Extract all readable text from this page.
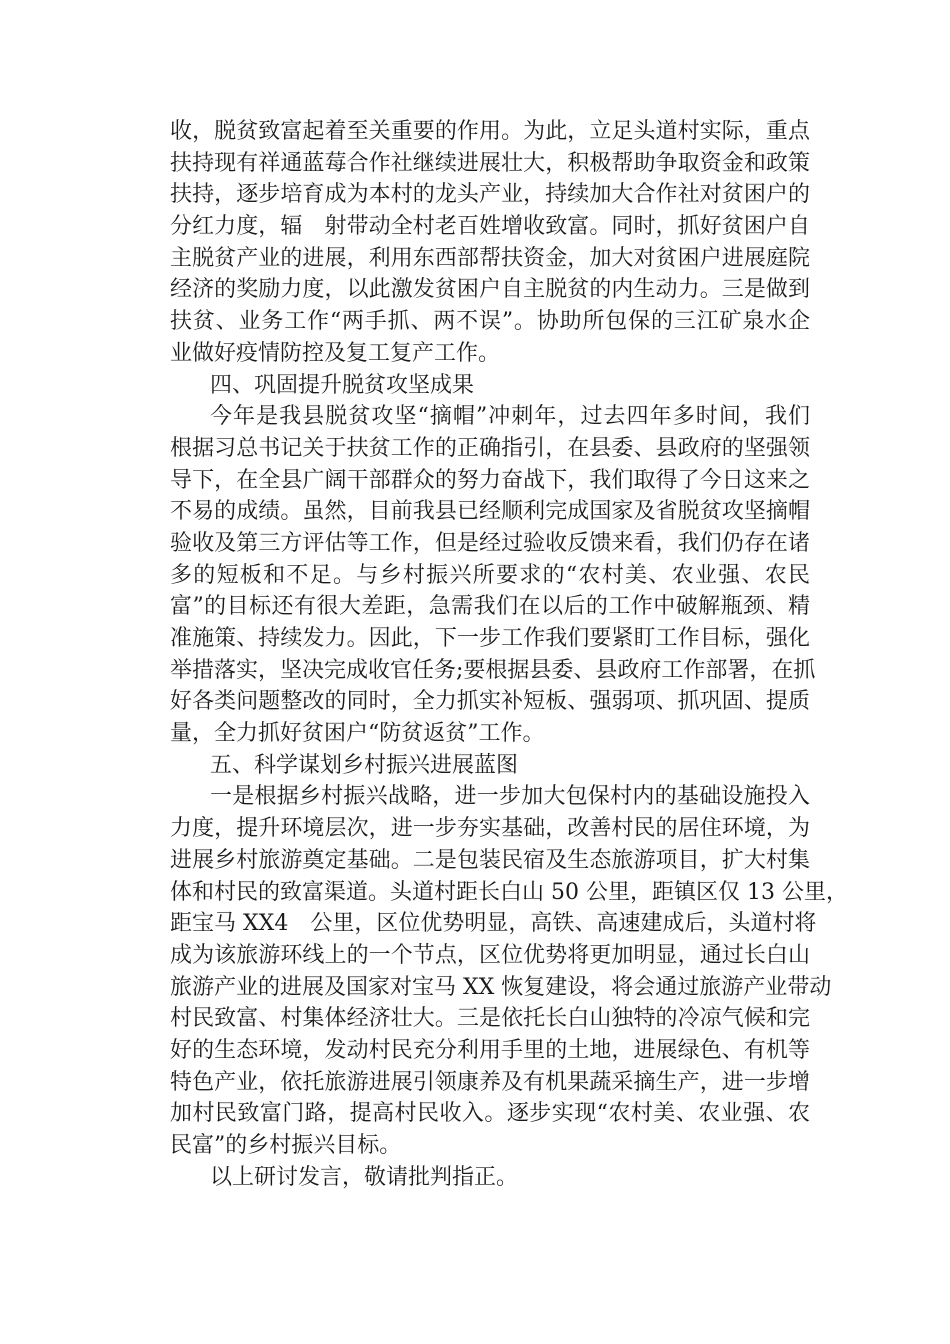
收，脱贫致富起着至关重要的作用。为此，立足头道村实际，重点
扶持现有祥通蓝莓合作社继续进展壮大，积极帮助争取资金和政策
扶持，逐步培育成为本村的龙头产业，持续加大合作社对贫困户的
分红力度，辐　射带动全村老百姓增收致富。同时，抓好贫困户自
主脱贫产业的进展，利用东西部帮扶资金，加大对贫困户进展庭院
经济的奖励力度，以此激发贫困户自主脱贫的内生动力。三是做到
扶贫、业务工作“两手抓、两不误”。协助所包保的三江矿泉水企
业做好疫情防控及复工复产工作。
四、巩固提升脱贫攻坚成果
今年是我县脱贫攻坚“摘帽”冲刺年，过去四年多时间，我们
根据习总书记关于扶贫工作的正确指引，在县委、县政府的坚强领
导下，在全县广阔干部群众的努力奋战下，我们取得了今日这来之
不易的成绩。虽然，目前我县已经顺利完成国家及省脱贫攻坚摘帽
验收及第三方评估等工作，但是经过验收反馈来看，我们仍存在诸
多的短板和不足。与乡村振兴所要求的“农村美、农业强、农民
富”的目标还有很大差距，急需我们在以后的工作中破解瓶颈、精
准施策、持续发力。因此，下一步工作我们要紧盯工作目标，强化
举措落实，坚决完成收官任务;要根据县委、县政府工作部署，在抓
好各类问题整改的同时，全力抓实补短板、强弱项、抓巩固、提质
量，全力抓好贫困户“防贫返贫”工作。
五、科学谋划乡村振兴进展蓝图
一是根据乡村振兴战略，进一步加大包保村内的基础设施投入
力度，提升环境层次，进一步夯实基础，改善村民的居住环境，为
进展乡村旅游奠定基础。二是包装民宿及生态旅游项目，扩大村集
体和村民的致富渠道。头道村距长白山 50 公里，距镇区仅 13 公里，
距宝马 XX4　公里，区位优势明显，高铁、高速建成后，头道村将
成为该旅游环线上的一个节点，区位优势将更加明显，通过长白山
旅游产业的进展及国家对宝马 XX 恢复建设，将会通过旅游产业带动
村民致富、村集体经济壮大。三是依托长白山独特的冷凉气候和完
好的生态环境，发动村民充分利用手里的土地，进展绿色、有机等
特色产业，依托旅游进展引领康养及有机果蔬采摘生产，进一步增
加村民致富门路，提高村民收入。逐步实现“农村美、农业强、农
民富”的乡村振兴目标。
以上研讨发言，敬请批判指正。
